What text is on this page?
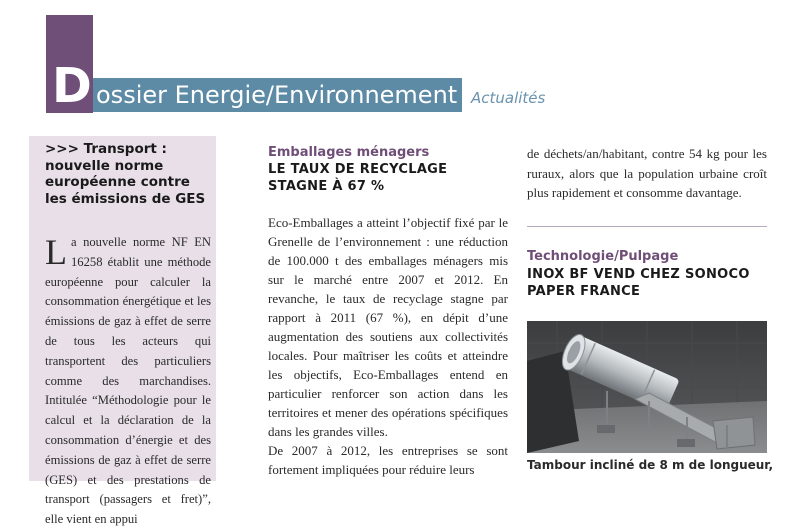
D ossier Energie/Environnement Actualités
>>> Transport : nouvelle norme européenne contre les émissions de GES
La nouvelle norme NF EN 16258 établit une méthode européenne pour calculer la consommation énergétique et les émissions de gaz à effet de serre de tous les acteurs qui transportent des particuliers comme des marchandises. Intitulée “Méthodologie pour le calcul et la déclaration de la consommation d’énergie et des émissions de gaz à effet de serre (GES) et des prestations de transport (passagers et fret)”, elle vient en appui
Emballages ménagers
LE TAUX DE RECYCLAGE STAGNE À 67 %

Eco-Emballages a atteint l’objectif fixé par le Grenelle de l’environnement : une réduction de 100.000 t des emballages ménagers mis sur le marché entre 2007 et 2012. En revanche, le taux de recyclage stagne par rapport à 2011 (67 %), en dépit d’une augmentation des soutiens aux collectivités locales. Pour maîtriser les coûts et atteindre les objectifs, Eco-Emballages entend en particulier renforcer son action dans les territoires et mener des opérations spécifiques dans les grandes villes.

De 2007 à 2012, les entreprises se sont fortement impliquées pour réduire leurs

de déchets/an/habitant, contre 54 kg pour les ruraux, alors que la population urbaine croît plus rapidement et consomme davantage.
Technologie/Pulpage
INOX BF VEND CHEZ SONOCO PAPER FRANCE
Tambour incliné de 8 m de longueur,
